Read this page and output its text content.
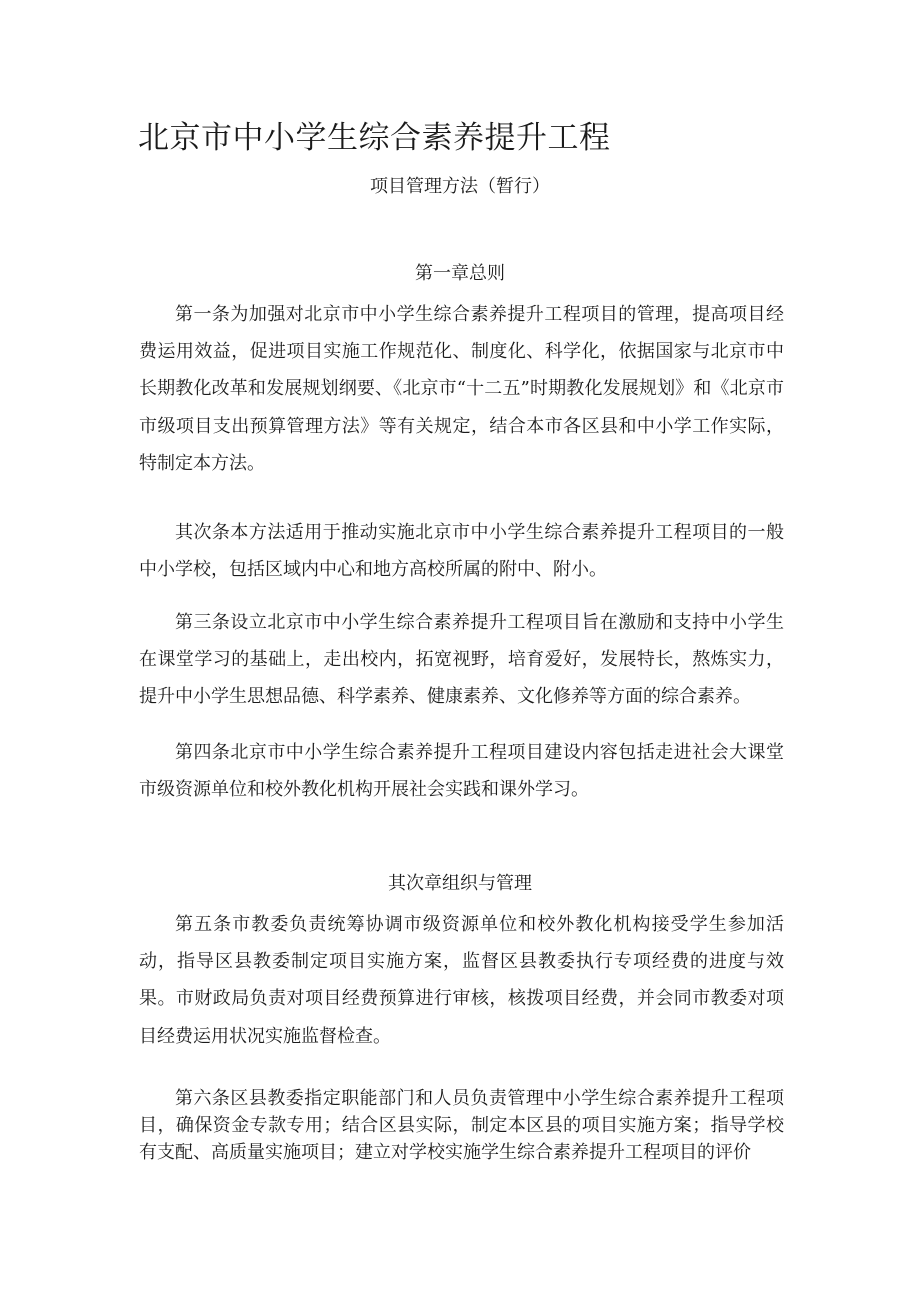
北京市中小学生综合素养提升工程

项目管理方法（暂行）

第一章总则

第一条为加强对北京市中小学生综合素养提升工程项目的管理，提高项目经费运用效益，促进项目实施工作规范化、制度化、科学化，依据国家与北京市中长期教化改革和发展规划纲要、《北京市“十二五”时期教化发展规划》和《北京市市级项目支出预算管理方法》等有关规定，结合本市各区县和中小学工作实际，特制定本方法。

其次条本方法适用于推动实施北京市中小学生综合素养提升工程项目的一般中小学校，包括区域内中心和地方高校所属的附中、附小。

第三条设立北京市中小学生综合素养提升工程项目旨在激励和支持中小学生在课堂学习的基础上，走出校内，拓宽视野，培育爱好，发展特长，熬炼实力，提升中小学生思想品德、科学素养、健康素养、文化修养等方面的综合素养。

第四条北京市中小学生综合素养提升工程项目建设内容包括走进社会大课堂市级资源单位和校外教化机构开展社会实践和课外学习。

其次章组织与管理

第五条市教委负责统筹协调市级资源单位和校外教化机构接受学生参加活动，指导区县教委制定项目实施方案，监督区县教委执行专项经费的进度与效果。市财政局负责对项目经费预算进行审核，核拨项目经费，并会同市教委对项目经费运用状况实施监督检查。

第六条区县教委指定职能部门和人员负责管理中小学生综合素养提升工程项目，确保资金专款专用；结合区县实际，制定本区县的项目实施方案；指导学校有支配、高质量实施项目；建立对学校实施学生综合素养提升工程项目的评价
